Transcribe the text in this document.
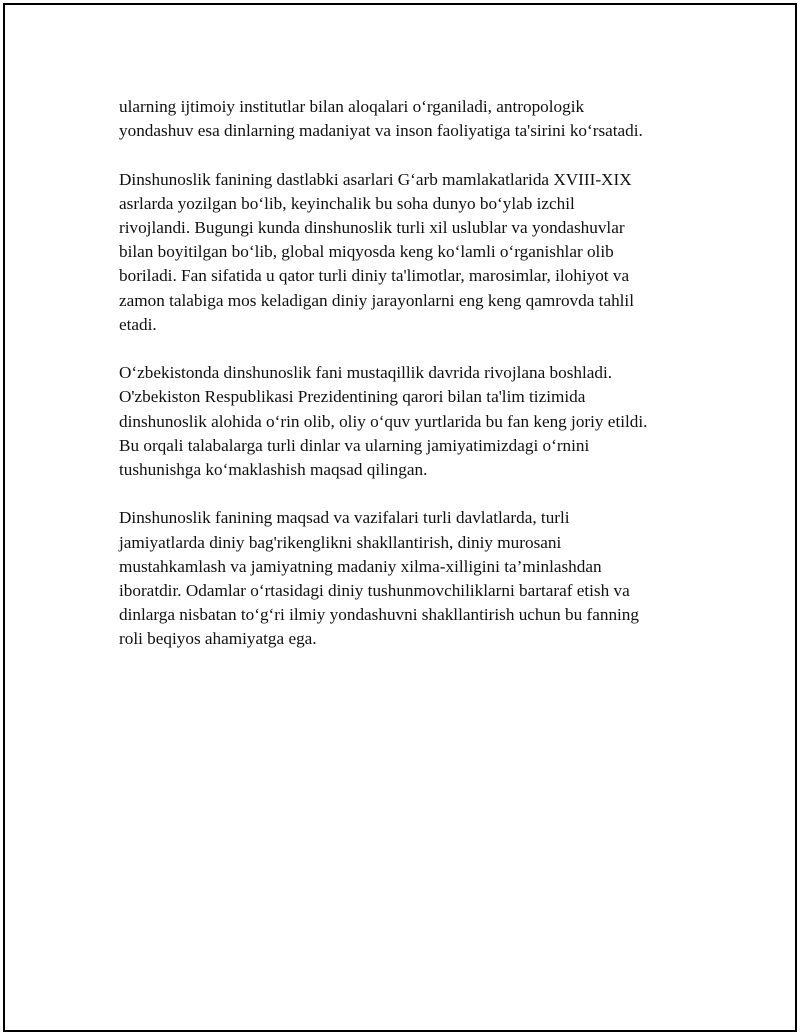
ularning ijtimoiy institutlar bilan aloqalari o‘rganiladi, antropologik
yondashuv esa dinlarning madaniyat va inson faoliyatiga ta'sirini ko‘rsatadi.

Dinshunoslik fanining dastlabki asarlari G‘arb mamlakatlarida XVIII-XIX
asrlarda yozilgan bo‘lib, keyinchalik bu soha dunyo bo‘ylab izchil
rivojlandi. Bugungi kunda dinshunoslik turli xil uslublar va yondashuvlar
bilan boyitilgan bo‘lib, global miqyosda keng ko‘lamli o‘rganishlar olib
boriladi. Fan sifatida u qator turli diniy ta'limotlar, marosimlar, ilohiyot va
zamon talabiga mos keladigan diniy jarayonlarni eng keng qamrovda tahlil
etadi.

O‘zbekistonda dinshunoslik fani mustaqillik davrida rivojlana boshladi.
O'zbekiston Respublikasi Prezidentining qarori bilan ta'lim tizimida
dinshunoslik alohida o‘rin olib, oliy o‘quv yurtlarida bu fan keng joriy etildi.
Bu orqali talabalarga turli dinlar va ularning jamiyatimizdagi o‘rnini
tushunishga ko‘maklashish maqsad qilingan.

Dinshunoslik fanining maqsad va vazifalari turli davlatlarda, turli
jamiyatlarda diniy bag'rikenglikni shakllantirish, diniy murosani
mustahkamlash va jamiyatning madaniy xilma-xilligini ta’minlashdan
iboratdir. Odamlar o‘rtasidagi diniy tushunmovchiliklarni bartaraf etish va
dinlarga nisbatan to‘g‘ri ilmiy yondashuvni shakllantirish uchun bu fanning
roli beqiyos ahamiyatga ega.
